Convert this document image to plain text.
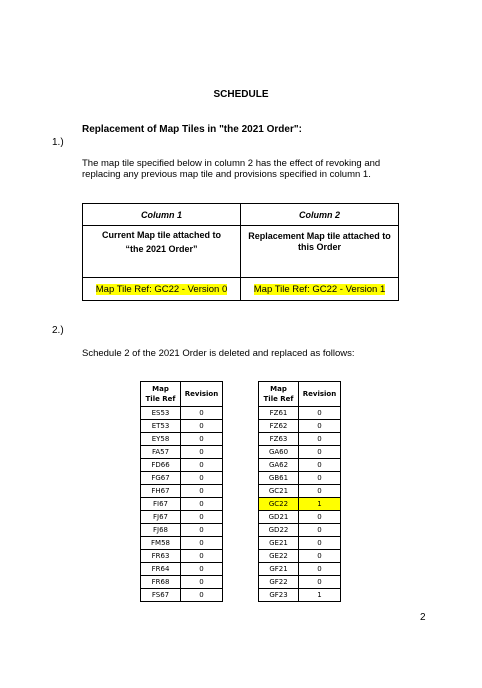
SCHEDULE
1.)
Replacement of Map Tiles in "the 2021 Order":
The map tile specified below in column 2 has the effect of revoking and replacing any previous map tile and provisions specified in column 1.
Column 1	Column 2

Current Map tile attached to
“the 2021 Order”	Replacement Map tile attached to this Order
Map Tile Ref: GC22 - Version 0	Map Tile Ref: GC22 - Version 1
2.)
Schedule 2 of the 2021 Order is deleted and replaced as follows:
Map
Tile Ref	Revision
ES53	0
ET53	0
EY58	0
FA57	0
FD66	0
FG67	0
FH67	0
FI67	0
FJ67	0
FJ68	0
FM58	0
FR63	0
FR64	0
FR68	0
FS67	0
Map
Tile Ref	Revision
FZ61	0
FZ62	0
FZ63	0
GA60	0
GA62	0
GB61	0
GC21	0
GC22	1
GD21	0
GD22	0
GE21	0
GE22	0
GF21	0
GF22	0
GF23	1
2
